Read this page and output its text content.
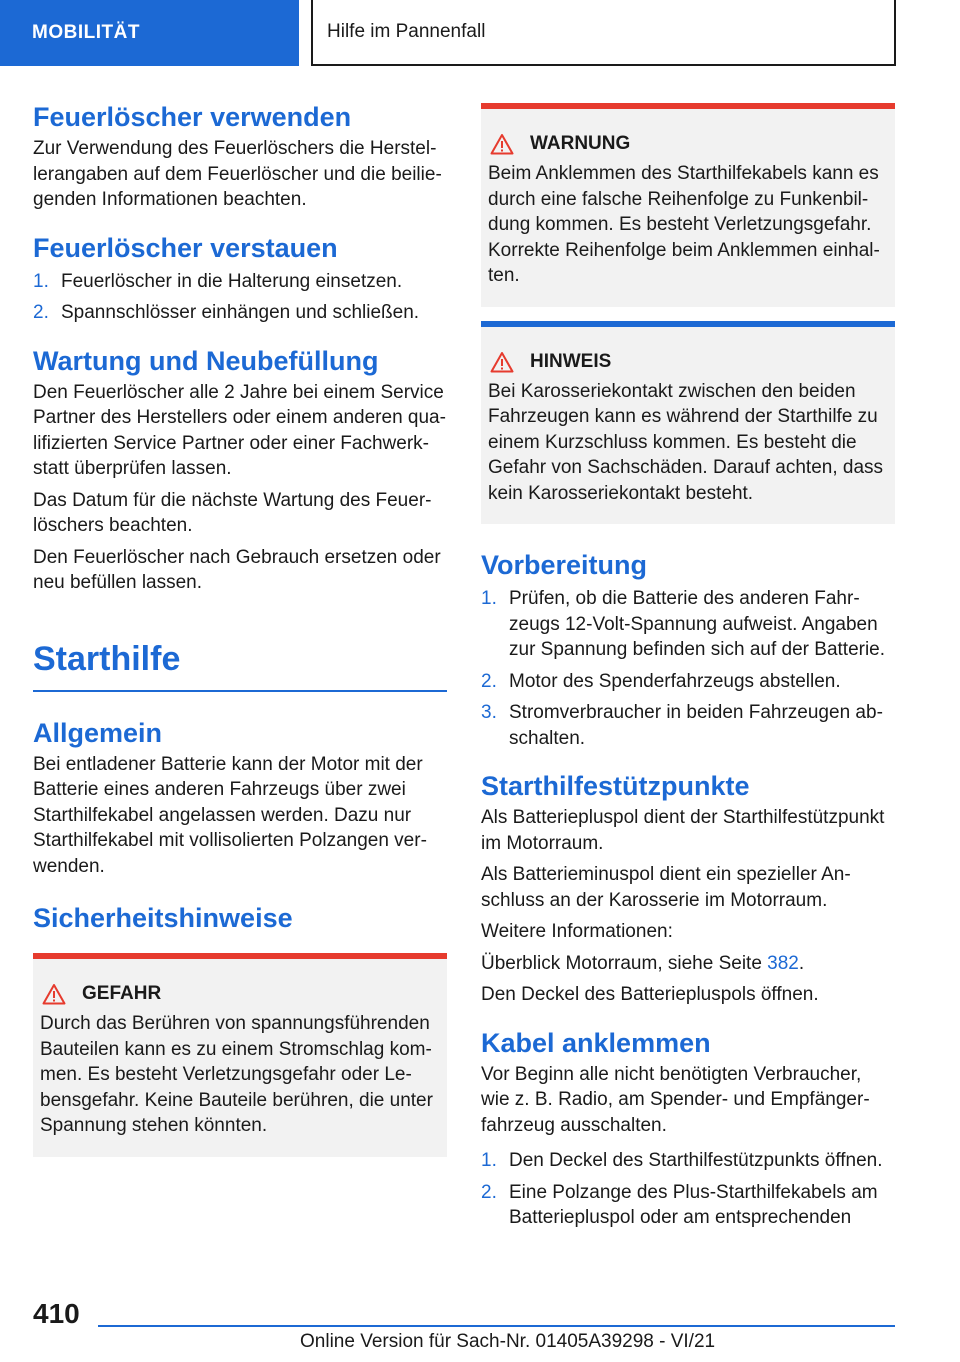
MOBILITÄT	Hilfe im Pannenfall
Feuerlöscher verwenden

Zur Verwendung des Feuerlöschers die Herstellerangaben auf dem Feuerlöscher und die beiliegenden Informationen beachten.

Feuerlöscher verstauen
1. Feuerlöscher in die Halterung einsetzen.
2. Spannschlösser einhängen und schließen.
Wartung und Neubefüllung

Den Feuerlöscher alle 2 Jahre bei einem Service Partner des Herstellers oder einem anderen qualifizierten Service Partner oder einer Fachwerkstatt überprüfen lassen.

Das Datum für die nächste Wartung des Feuerlöschers beachten.

Den Feuerlöscher nach Gebrauch ersetzen oder neu befüllen lassen.

Starthilfe
Allgemein

Bei entladener Batterie kann der Motor mit der Batterie eines anderen Fahrzeugs über zwei Starthilfekabel angelassen werden. Dazu nur Starthilfekabel mit vollisolierten Polzangen verwenden.

Sicherheitshinweise
GEFAHR

Durch das Berühren von spannungsführenden Bauteilen kann es zu einem Stromschlag kommen. Es besteht Verletzungsgefahr oder Lebensgefahr. Keine Bauteile berühren, die unter Spannung stehen könnten.

WARNUNG

Beim Anklemmen des Starthilfekabels kann es durch eine falsche Reihenfolge zu Funkenbildung kommen. Es besteht Verletzungsgefahr. Korrekte Reihenfolge beim Anklemmen einhalten.

HINWEIS

Bei Karosseriekontakt zwischen den beiden Fahrzeugen kann es während der Starthilfe zu einem Kurzschluss kommen. Es besteht die Gefahr von Sachschäden. Darauf achten, dass kein Karosseriekontakt besteht.

Vorbereitung
1. Prüfen, ob die Batterie des anderen Fahrzeugs 12-Volt-Spannung aufweist. Angaben zur Spannung befinden sich auf der Batterie.
2. Motor des Spenderfahrzeugs abstellen.
3. Stromverbraucher in beiden Fahrzeugen abschalten.
Starthilfestützpunkte

Als Batteriepluspol dient der Starthilfestützpunkt im Motorraum.

Als Batterieminuspol dient ein spezieller Anschluss an der Karosserie im Motorraum.

Weitere Informationen:

Überblick Motorraum, siehe Seite 382.

Den Deckel des Batteriepluspols öffnen.

Kabel anklemmen

Vor Beginn alle nicht benötigten Verbraucher, wie z. B. Radio, am Spender- und Empfängerfahrzeug ausschalten.

1. Den Deckel des Starthilfestützpunkts öffnen.
2. Eine Polzange des Plus-Starthilfekabels am Batteriepluspol oder am entsprechenden
410
Online Version für Sach-Nr. 01405A39298 - VI/21
